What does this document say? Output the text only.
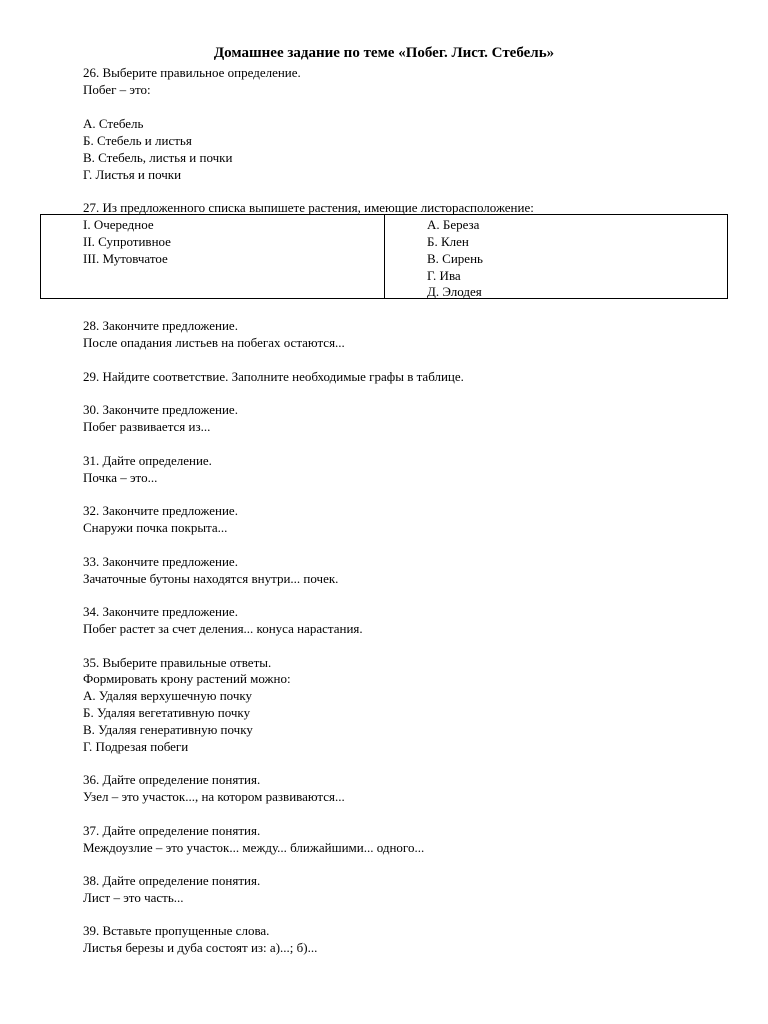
Домашнее задание по теме «Побег. Лист. Стебель»
26. Выберите правильное определение.
Побег – это:
А. Стебель
Б. Стебель и листья
В. Стебель, листья и почки
Г. Листья и почки
27. Из предложенного списка выпишете растения, имеющие листорасположение:
I. Очередное
II. Супротивное
III. Мутовчатое
А. Береза
Б. Клен
В. Сирень
Г. Ива
Д. Элодея
28. Закончите предложение.
После опадания листьев на побегах остаются...
29. Найдите соответствие. Заполните необходимые графы в таблице.
30. Закончите предложение.
Побег развивается из...
31. Дайте определение.
Почка – это...
32. Закончите предложение.
Снаружи почка покрыта...
33. Закончите предложение.
Зачаточные бутоны находятся внутри... почек.
34. Закончите предложение.
Побег растет за счет деления... конуса нарастания.
35. Выберите правильные ответы.
Формировать крону растений можно:
А. Удаляя верхушечную почку
Б. Удаляя вегетативную почку
В. Удаляя генеративную почку
Г. Подрезая побеги
36. Дайте определение понятия.
Узел – это участок..., на котором развиваются...
37. Дайте определение понятия.
Междоузлие – это участок... между... ближайшими... одного...
38. Дайте определение понятия.
Лист – это часть...
39. Вставьте пропущенные слова.
Листья березы и дуба состоят из: а)...; б)...
